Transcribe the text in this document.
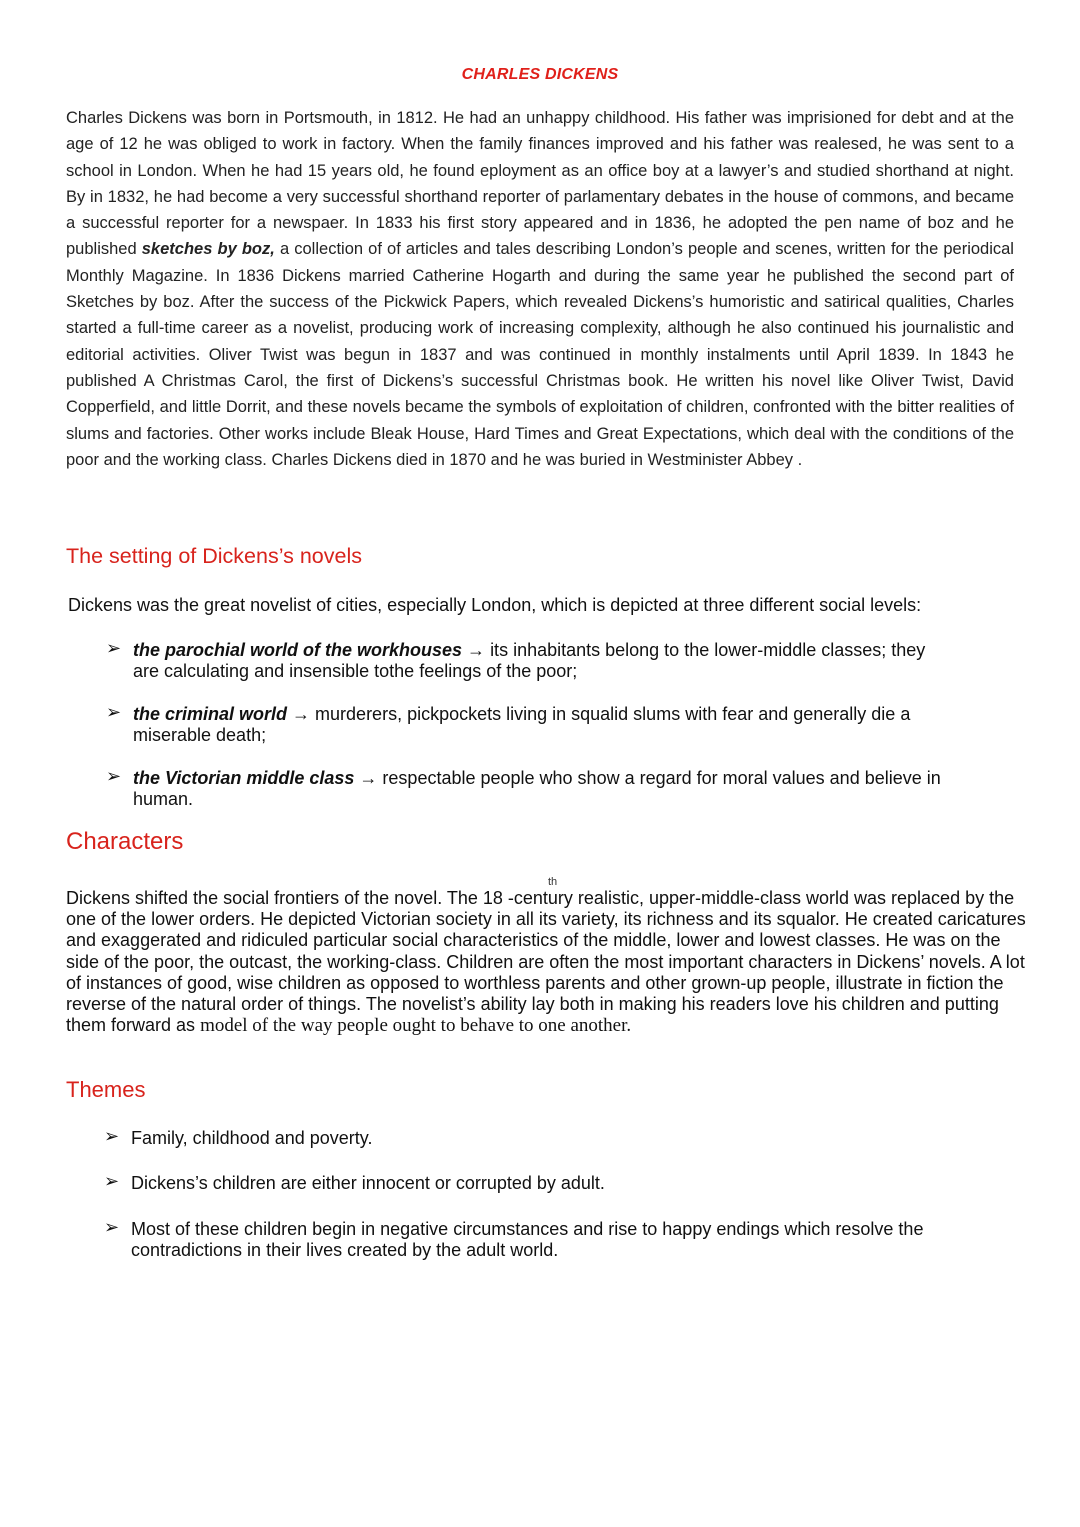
CHARLES DICKENS
Charles Dickens was born in Portsmouth, in 1812. He had an unhappy childhood. His father was imprisioned for debt and at the age of 12 he was obliged to work in factory. When the family finances improved and his father was realesed, he was sent to a school in London. When he had 15 years old, he found eployment as an office boy at a lawyer’s and studied shorthand at night. By in 1832, he had become a very successful shorthand reporter of parlamentary debates in the house of commons, and became a successful reporter for a newspaer. In 1833 his first story appeared and in 1836, he adopted the pen name of boz and he published sketches by boz, a collection of of articles and tales describing London’s people and scenes, written for the periodical Monthly Magazine. In 1836 Dickens married Catherine Hogarth and during the same year he published the second part of Sketches by boz. After the success of the Pickwick Papers, which revealed Dickens’s humoristic and satirical qualities, Charles started a full-time career as a novelist, producing work of increasing complexity, although he also continued his journalistic and editorial activities. Oliver Twist was begun in 1837 and was continued in monthly instalments until April 1839. In 1843 he published A Christmas Carol, the first of Dickens’s successful Christmas book. He written his novel like Oliver Twist, David Copperfield, and little Dorrit, and these novels became the symbols of exploitation of children, confronted with the bitter realities of slums and factories. Other works include Bleak House, Hard Times and Great Expectations, which deal with the conditions of the poor and the working class. Charles Dickens died in 1870 and he was buried in Westminister Abbey .
The setting of Dickens’s novels
Dickens was the great novelist of cities, especially London, which is depicted at three different social levels:
➢ the parochial world of the workhouses → its inhabitants belong to the lower-middle classes; they
are calculating and insensible tothe feelings of the poor;
➢ the criminal world → murderers, pickpockets living in squalid slums with fear and generally die a
miserable death;
➢ the Victorian middle class → respectable people who show a regard for moral values and believe in
human.
Characters
th
Dickens shifted the social frontiers of the novel. The 18 -century realistic, upper-middle-class world was replaced by the one of the lower orders. He depicted Victorian society in all its variety, its richness and its squalor. He created caricatures and exaggerated and ridiculed particular social characteristics of the middle, lower and lowest classes. He was on the side of the poor, the outcast, the working-class. Children are often the most important characters in Dickens’ novels. A lot of instances of good, wise children as opposed to worthless parents and other grown-up people, illustrate in fiction the reverse of the natural order of things. The novelist’s ability lay both in making his readers love his children and putting them forward as model of the way people ought to behave to one another.
Themes
➢ Family, childhood and poverty.
➢ Dickens’s children are either innocent or corrupted by adult.
➢ Most of these children begin in negative circumstances and rise to happy endings which resolve the
contradictions in their lives created by the adult world.
